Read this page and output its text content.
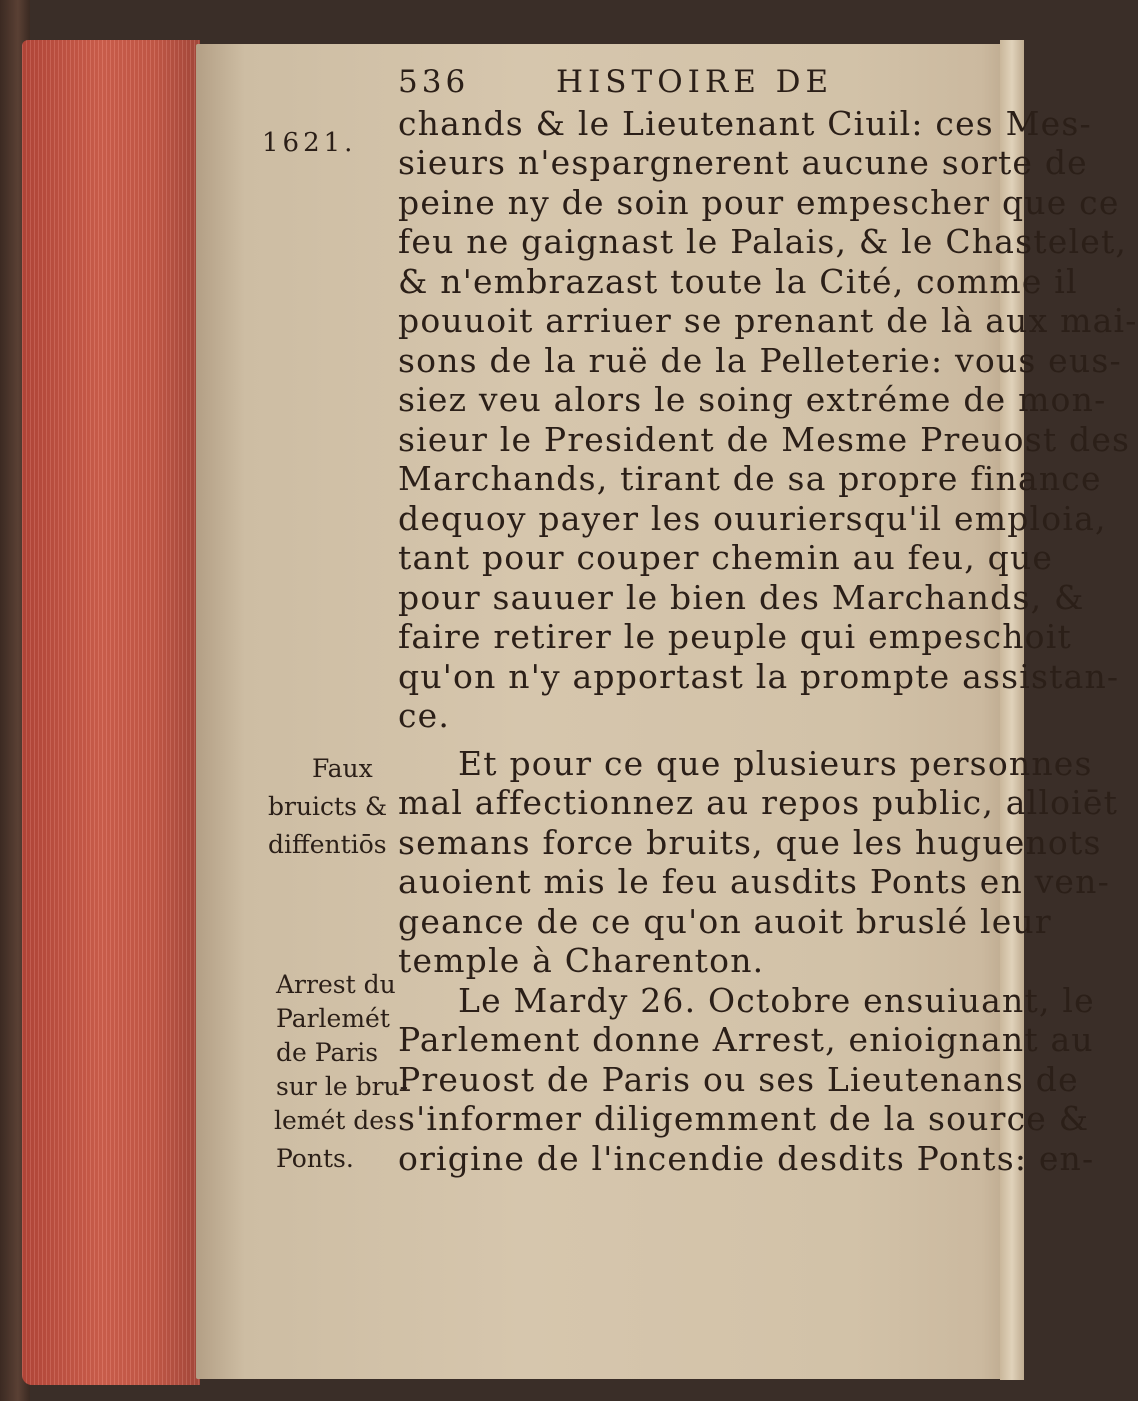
536	HISTOIRE DE
1621. chands & le Lieutenant Ciuil: ces Mes-
sieurs n'espargnerent aucune sorte de
peine ny de soin pour empescher que ce
feu ne gaignast le Palais, & le Chastelet,
& n'embrazast toute la Cité, comme il
pouuoit arriuer se prenant de là aux mai-
sons de la ruë de la Pelleterie: vous eus-
siez veu alors le soing extréme de mon-
sieur le President de Mesme Preuost des
Marchands, tirant de sa propre finance
dequoy payer les ouuriersqu'il emploia,
tant pour couper chemin au feu, que
pour sauuer le bien des Marchands, &
faire retirer le peuple qui empeschoit
qu'on n'y apportast la prompte assistan-
ce.
Et pour ce que plusieurs personnes
mal affectionnez au repos public, alloiēt
semans force bruits, que les huguenots
auoient mis le feu ausdits Ponts en ven-
geance de ce qu'on auoit bruslé leur
temple à Charenton.
Le Mardy 26. Octobre ensuiuant, le
Parlement donne Arrest, enioignant au
Preuost de Paris ou ses Lieutenans de
s'informer diligemment de la source &
origine de l'incendie desdits Ponts: en-
Faux
bruicts &
diffentiōs
Arrest du
Parlemét
de Paris
sur le bru-
lemét des
Ponts.
